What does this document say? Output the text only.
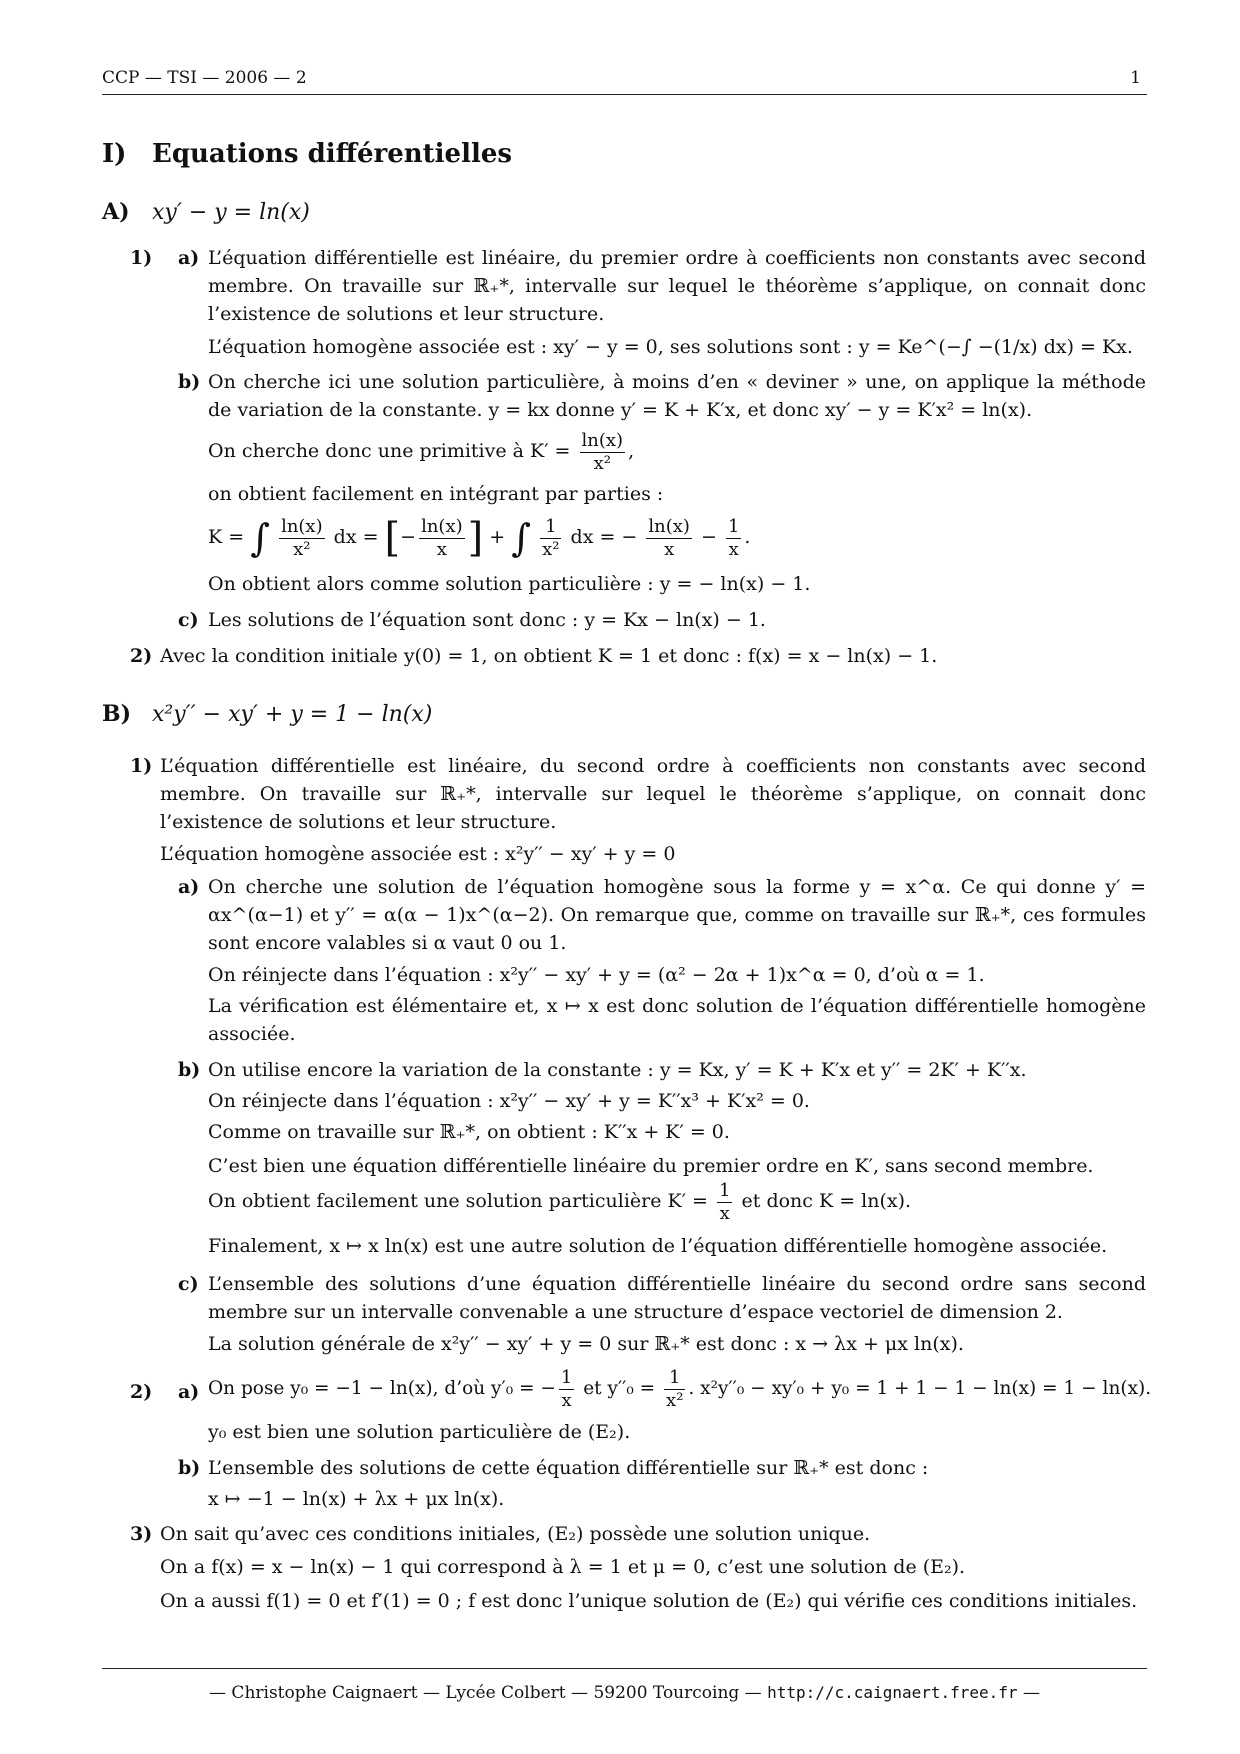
CCP — TSI — 2006 — 2	1
I) Equations différentielles
A) xy′ − y = ln(x)
1) a) L’équation différentielle est linéaire, du premier ordre à coefficients non constants avec second membre. On travaille sur ℝ₊*, intervalle sur lequel le théorème s’applique, on connait donc l’existence de solutions et leur structure.
L’équation homogène associée est : xy′ − y = 0, ses solutions sont : y = Ke^(−∫ −(1/x) dx) = Kx.
b) On cherche ici une solution particulière, à moins d’en « deviner » une, on applique la méthode de variation de la constante. y = kx donne y′ = K + K′x, et donc xy′ − y = K′x² = ln(x).
On cherche donc une primitive à $K' = \frac{\ln(x)}{\text{x²}}$ ,
on obtient facilement en intégrant par parties :
K = ∫ $\frac{\ln(x)}{\text{x²}}$ dx = [− $\frac{\ln(x)}{x}$ ] + ∫ $\frac{1}{\text{x²}}$ dx = − $\frac{\ln(x)}{x} - \frac{1}{x}$ .
On obtient alors comme solution particulière : y = − ln(x) − 1.
c) Les solutions de l’équation sont donc : y = Kx − ln(x) − 1.
2) Avec la condition initiale y(0) = 1, on obtient K = 1 et donc : f(x) = x − ln(x) − 1.
B) x²y′′ − xy′ + y = 1 − ln(x)
1) L’équation différentielle est linéaire, du second ordre à coefficients non constants avec second membre. On travaille sur ℝ₊*, intervalle sur lequel le théorème s’applique, on connait donc l’existence de solutions et leur structure.
L’équation homogène associée est : x²y′′ − xy′ + y = 0
a) On cherche une solution de l’équation homogène sous la forme y = x^α. Ce qui donne y′ = αx^(α−1) et y′′ = α(α − 1)x^(α−2). On remarque que, comme on travaille sur ℝ₊*, ces formules sont encore valables si α vaut 0 ou 1.
On réinjecte dans l’équation : x²y′′ − xy′ + y = (α² − 2α + 1)x^α = 0, d’où α = 1.
La vérification est élémentaire et, x ↦ x est donc solution de l’équation différentielle homogène associée.
b) On utilise encore la variation de la constante : y = Kx, y′ = K + K′x et y′′ = 2K′ + K′′x.
On réinjecte dans l’équation : x²y′′ − xy′ + y = K′′x³ + K′x² = 0.
Comme on travaille sur ℝ₊*, on obtient : K′′x + K′ = 0.
C’est bien une équation différentielle linéaire du premier ordre en K′, sans second membre.
On obtient facilement une solution particulière $K' = \frac{1}{x}$ et donc K = ln(x).
Finalement, x ↦ x ln(x) est une autre solution de l’équation différentielle homogène associée.
c) L’ensemble des solutions d’une équation différentielle linéaire du second ordre sans second membre sur un intervalle convenable a une structure d’espace vectoriel de dimension 2.
La solution générale de x²y′′ − xy′ + y = 0 sur ℝ₊* est donc : x → λx + μx ln(x).
2) a) On pose y₀ = −1 − ln(x), d’où y′₀ = − $\frac{1}{x}$ et $y''_0 = \frac{1}{\text{x²}}$ . x²y′′₀ − xy′₀ + y₀ = 1 + 1 − 1 − ln(x) = 1 − ln(x).
y₀ est bien une solution particulière de (E₂).
b) L’ensemble des solutions de cette équation différentielle sur ℝ₊* est donc :
x ↦ −1 − ln(x) + λx + μx ln(x).
3) On sait qu’avec ces conditions initiales, (E₂) possède une solution unique.
On a f(x) = x − ln(x) − 1 qui correspond à λ = 1 et μ = 0, c’est une solution de (E₂).
On a aussi f(1) = 0 et f′(1) = 0 ; f est donc l’unique solution de (E₂) qui vérifie ces conditions initiales.
— Christophe Caignaert — Lycée Colbert — 59200 Tourcoing — http://c.caignaert.free.fr —
